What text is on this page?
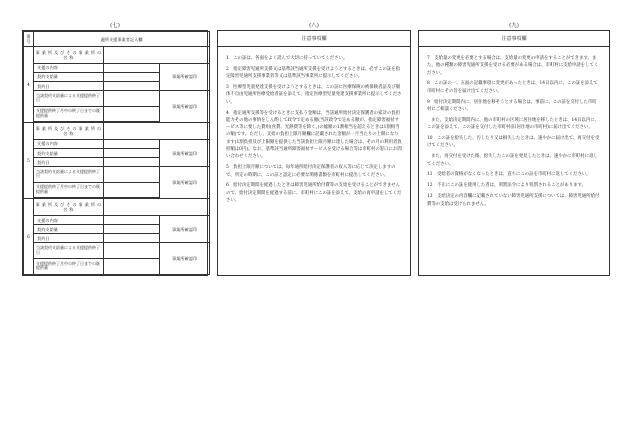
(七)
番号	適所支援事業者記入欄		
4	事 業 所 及 び そ の 事 業 所 の 名 称		
	支援の内容		事業所確認印
	契約支給量		
	契約日		
	当該契約支給量による支援提供終了日		事業所確認印
	支援提供終了月中の終了日までの既提供量		

5	事 業 所 及 び そ の 事 業 所 の 名 称		
	支援の内容		事業所確認印
	契約支給量		
	契約日		
	当該契約支給量による支援提供終了日		事業所確認印
	支援提供終了月中の終了日までの既提供量		

6	事 業 所 及 び そ の 事 業 所 の 名 称		
	支援の内容		事業所確認印
	契約支給量		
	契約日		
	当該契約支給量による支援提供終了日		事業所確認印
	支援提供終了月中の終了日までの既提供量		

(八)
注意事項欄

1　この証は、各面をよく読んで大切に持っていてください。

2　指定障害児通所支援又は基準該当通所支援を受けようとするときは、必ずこの証を指定障害児通所支援事業者等又は基準該当事業所に提示してください。

3　医療型児童発達支援を受けようとするときは、この証に医療保険の被保険者証及び個体不自由児通所医療受給者証を添えて、指定医療型児童発達支援事業所に提示してください。

4　指定通所支援等を受けるときに支払う金額は、当該通所給付決定保護者の家計の負担能力その他の事情をしん酌して政令で定める額(当該政令で定める額が、指定障害福祉サービス等に要した費用(食費、光熱費等を除く。)の総額の1割相当を超えるときは1割相当の額)です。ただし、支給の負担上限月額欄に記載された金額が一月当たりの上限になります(1割負担及び上限額を提供した当該負担上限月額に達した場合は、その月の利用者負担額は0円)。なお、基準該当通所障害福祉サービスを受ける場合等は市町村の窓口にお問い合わせください。

5　負担上限月額については、毎年通所給付決定保護者の収入等に応じて決定しますので、所定の時期に、この証と認定に必要な関係書類を市町村に提出してください。

6　給付決定期間を経過したときは障害児通所給付費等の支給を受けることができませんので、給付決定期間を経過する前に、市町村にこの証を添えて、支給の再申請をしてください。

(九)
注意事項欄

7　支給量の変更を必要とする場合は、支給量の変更の申請をすることができます。また、他の種類の障害児通所支援を受ける必要がある場合は、市町村に支給申請をしてください。

8　この証の一、五面の記載事項に変更があったときは、14日以内に、この証を添えて市町村にその旨を届け出てください。

9　給付決定期間内に、居住地を移そうとする場合は、事前に、この証を交付した市町村にご相談ください。

また、支給決定期間内に、他の市町村の区域に居住地を移したときは、14日以内に、この証を添えて、この証を交付した市町村(旧居住地の市町村)に届け出てください。

10　この証を紛失した、汚したり又は損失したときは、速やかに届け出て、再交付を受けてください。

また、再交付を受けた後、紛失したこの証を発見したときは、速やかに市町村に返してください。

11　受給者の資格がなくなったときは、直ちにこの証を市町村に返してください。

12　不正にこの証を使用した者は、刑罰法令により処罰されることがあります。

13　支給決定の内容欄に記載されていない障害児通所支援については、障害児通所給付費等の支給は受けられません。
